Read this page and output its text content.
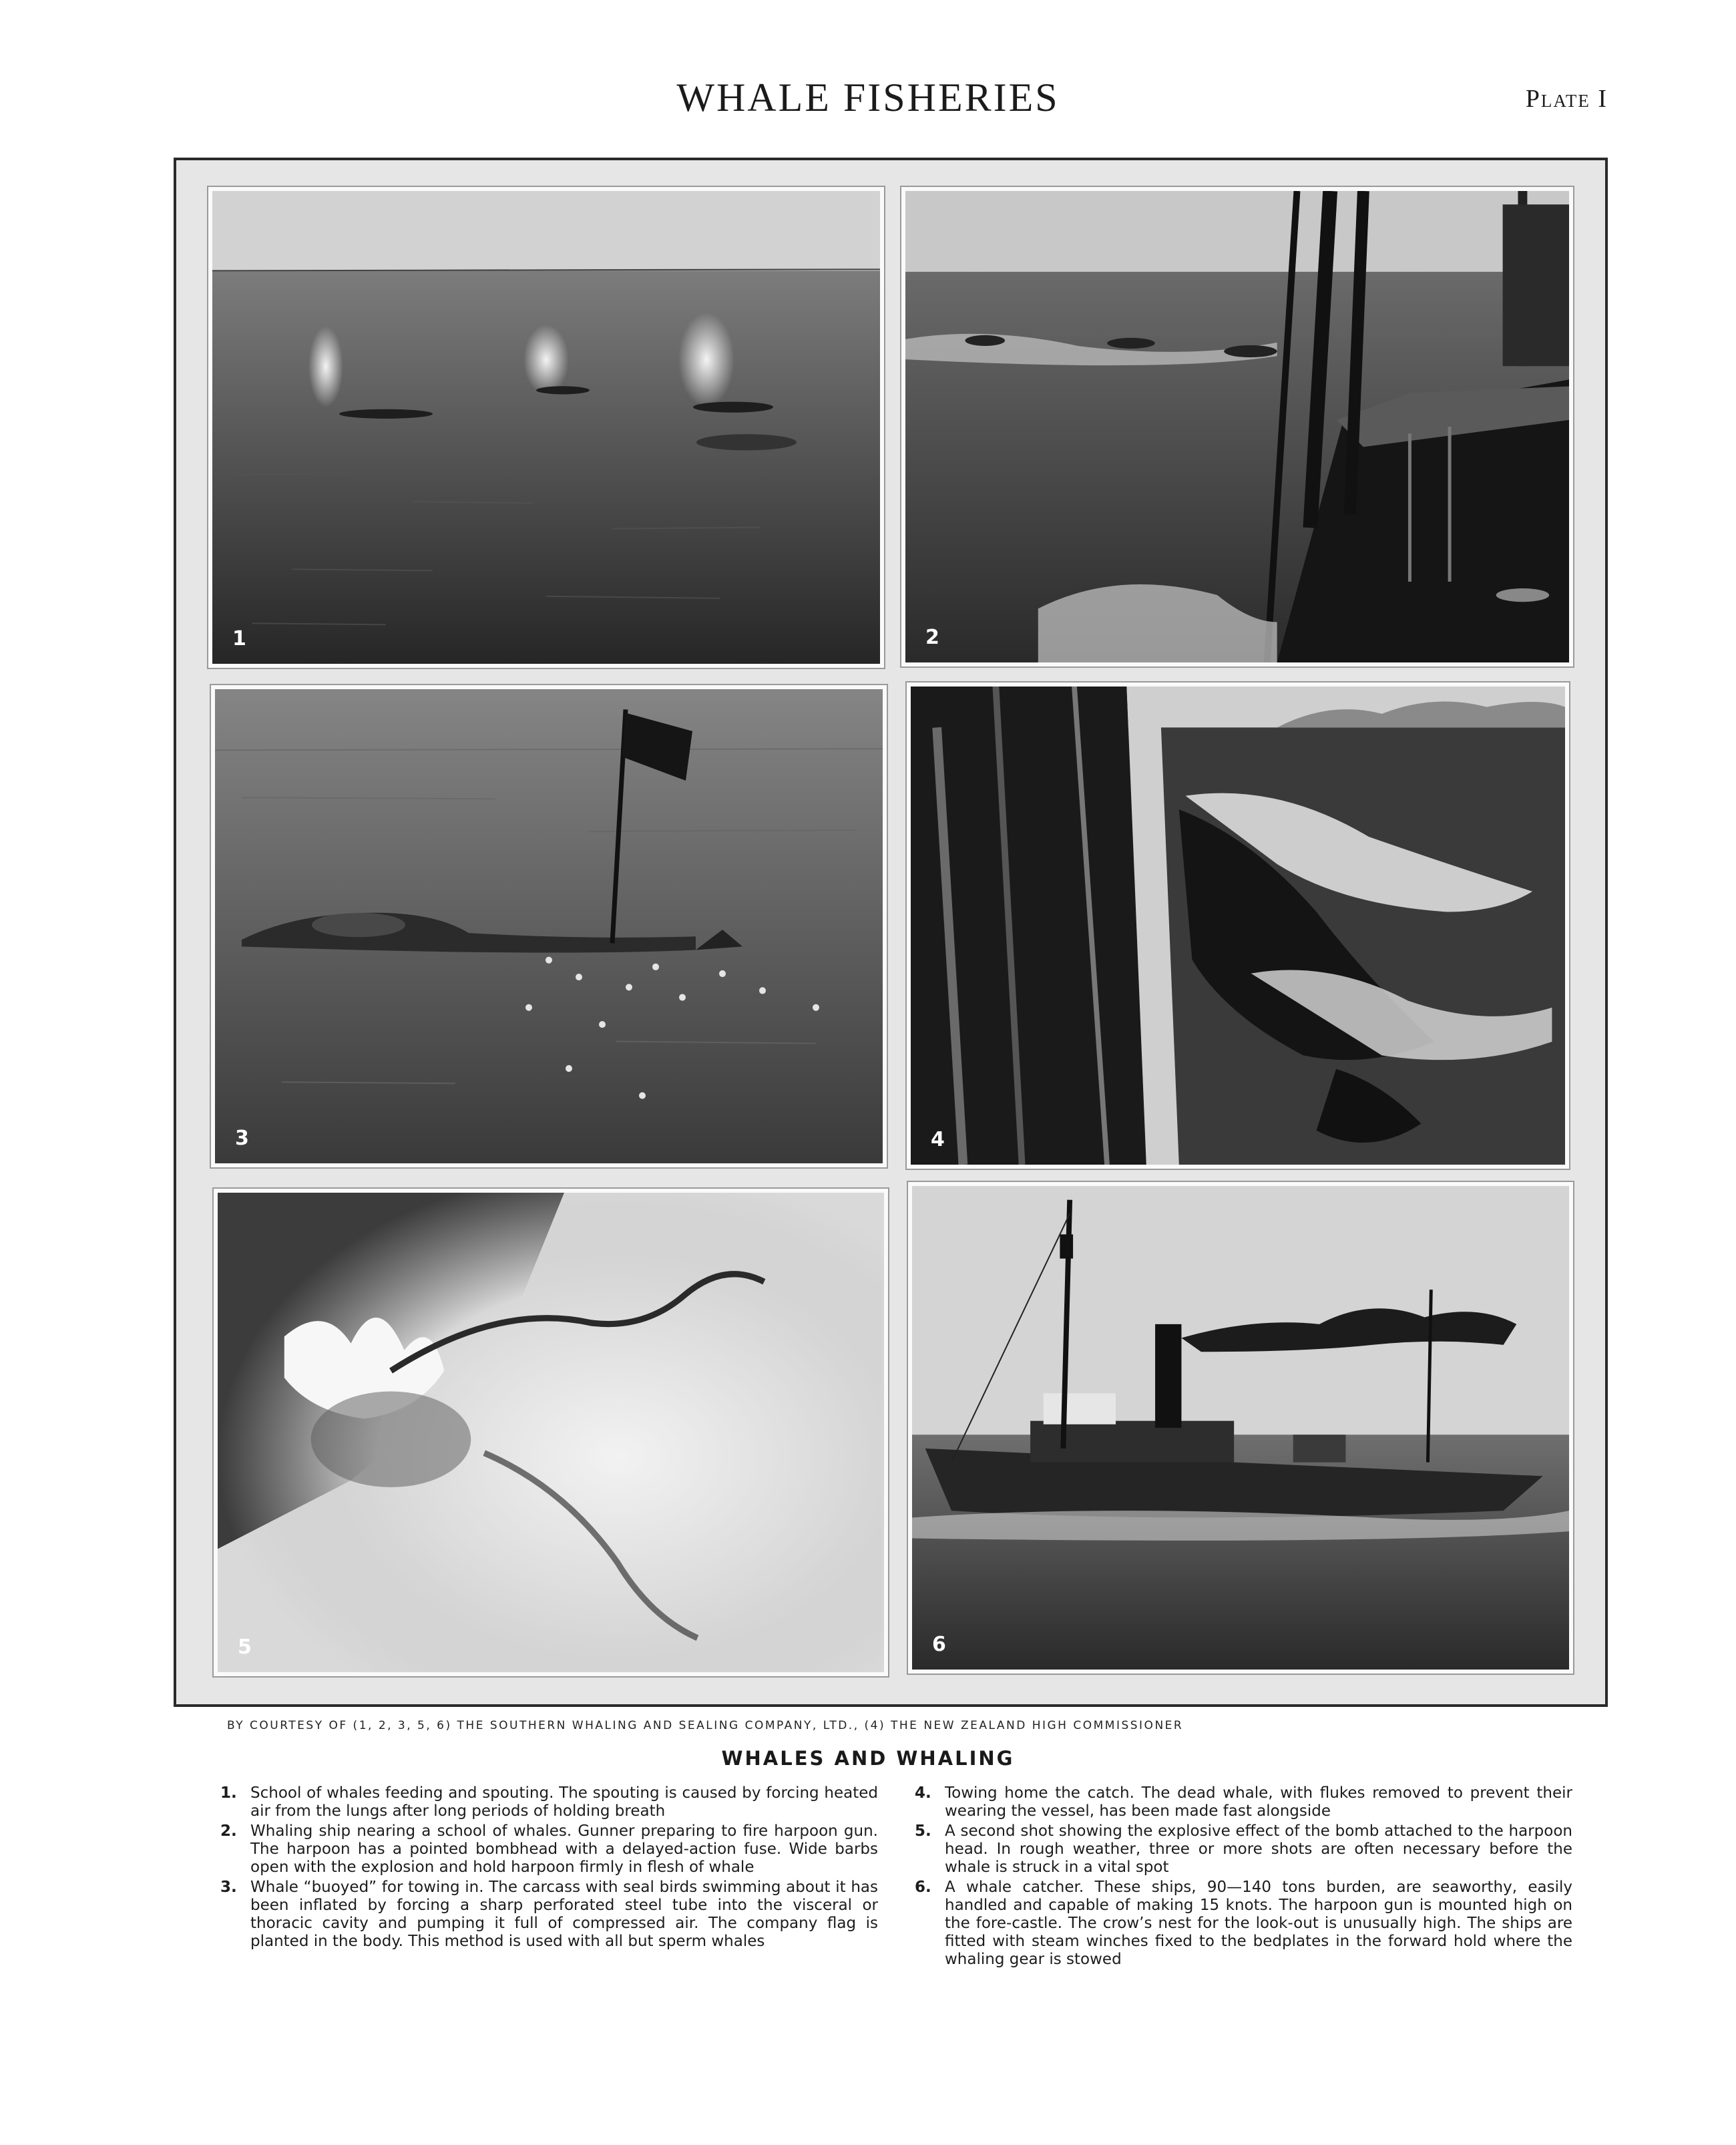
WHALE FISHERIES	Plate I
1	2
3	4
5	6
BY COURTESY OF (1, 2, 3, 5, 6) THE SOUTHERN WHALING AND SEALING COMPANY, LTD., (4) THE NEW ZEALAND HIGH COMMISSIONER
WHALES AND WHALING

1. School of whales feeding and spouting. The spouting is caused by forcing heated air from the lungs after long periods of holding breath

2. Whaling ship nearing a school of whales. Gunner preparing to fire harpoon gun. The harpoon has a pointed bombhead with a delayed-action fuse. Wide barbs open with the explosion and hold harpoon firmly in flesh of whale

3. Whale “buoyed” for towing in. The carcass with seal birds swimming about it has been inflated by forcing a sharp perforated steel tube into the visceral or thoracic cavity and pumping it full of compressed air. The company flag is planted in the body. This method is used with all but sperm whales

4. Towing home the catch. The dead whale, with flukes removed to prevent their wearing the vessel, has been made fast alongside

5. A second shot showing the explosive effect of the bomb attached to the harpoon head. In rough weather, three or more shots are often necessary before the whale is struck in a vital spot

6. A whale catcher. These ships, 90—140 tons burden, are seaworthy, easily handled and capable of making 15 knots. The harpoon gun is mounted high on the fore-castle. The crow’s nest for the look-out is unusually high. The ships are fitted with steam winches fixed to the bedplates in the forward hold where the whaling gear is stowed
